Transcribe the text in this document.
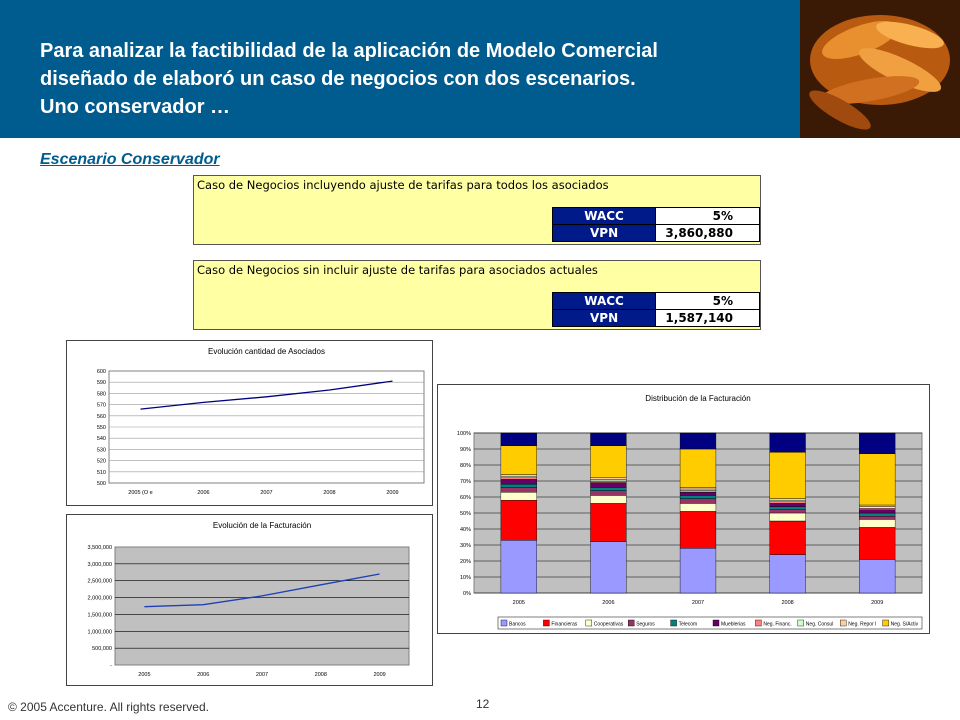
Para analizar la factibilidad de la aplicación de Modelo Comercial
diseñado de elaboró un caso de negocios con dos escenarios.
Uno conservador …
Escenario Conservador
Caso de Negocios incluyendo ajuste de tarifas para todos los asociados
WACC	5%
VPN	3,860,880
Caso de Negocios sin incluir ajuste de tarifas para asociados actuales
WACC	5%
VPN	1,587,140
Evolución cantidad de Asociados
600
590
580
570
560
550
540
530
520
510
500
2005 (O e	2006	2007	2008	2009
Evolución de la Facturación
3,500,000
3,000,000
2,500,000
2,000,000
1,500,000
1,000,000
500,000
-
2005	2006	2007	2008	2009
Distribución de la Facturación
100%
90%
80%
70%
60%
50%
40%
30%
20%
10%
0%
2005	2006	2007	2008	2009
Bancos	Financieras	Cooperativas	Seguros	Telecom	Mueblerias	Neg. Financ.	Neg. Consul	Neg. Repor l	Neg. S/Activ
© 2005 Accenture. All rights reserved.	12
